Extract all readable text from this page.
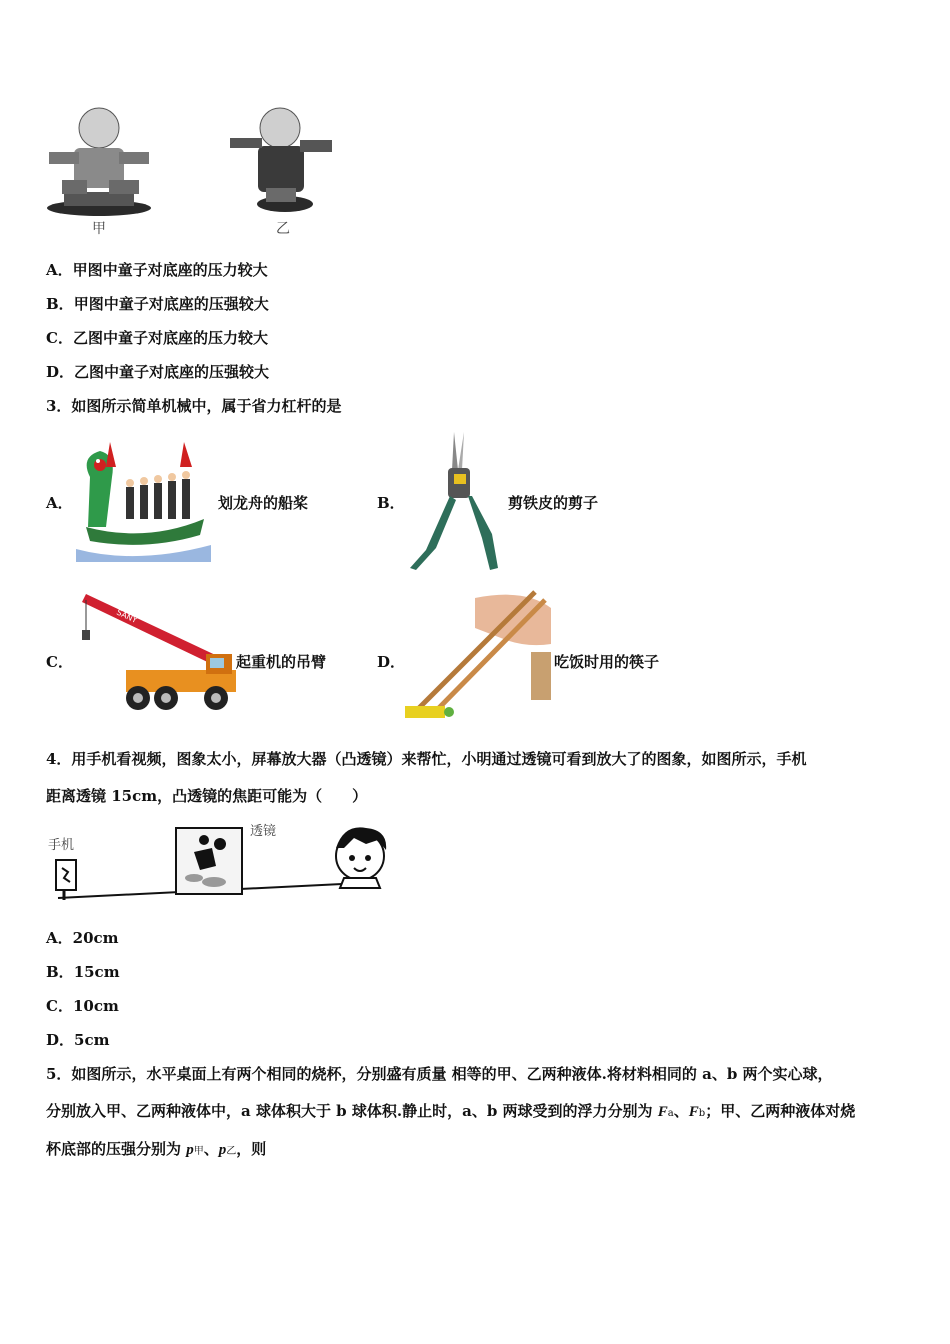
甲	乙
A．甲图中童子对底座的压力较大
B．甲图中童子对底座的压强较大
C．乙图中童子对底座的压力较大
D．乙图中童子对底座的压强较大
3．如图所示简单机械中，属于省力杠杆的是
A．	划龙舟的船桨	B．	剪铁皮的剪子
C．
SANY
起重机的吊臂	D．	吃饭时用的筷子
4．用手机看视频，图象太小，屏幕放大器（凸透镜）来帮忙，小明通过透镜可看到放大了的图象，如图所示，手机
距离透镜 15cm，凸透镜的焦距可能为（　　）
手机
透镜
A．20cm
B．15cm
C．10cm
D．5cm
5．如图所示，水平桌面上有两个相同的烧杯，分别盛有质量 相等的甲、乙两种液体.将材料相同的 a、b 两个实心球，
分别放入甲、乙两种液体中，a 球体积大于 b 球体积.静止时，a、b 两球受到的浮力分别为 Fa、Fb；甲、乙两种液体对烧
杯底部的压强分别为 p甲、p乙，则
